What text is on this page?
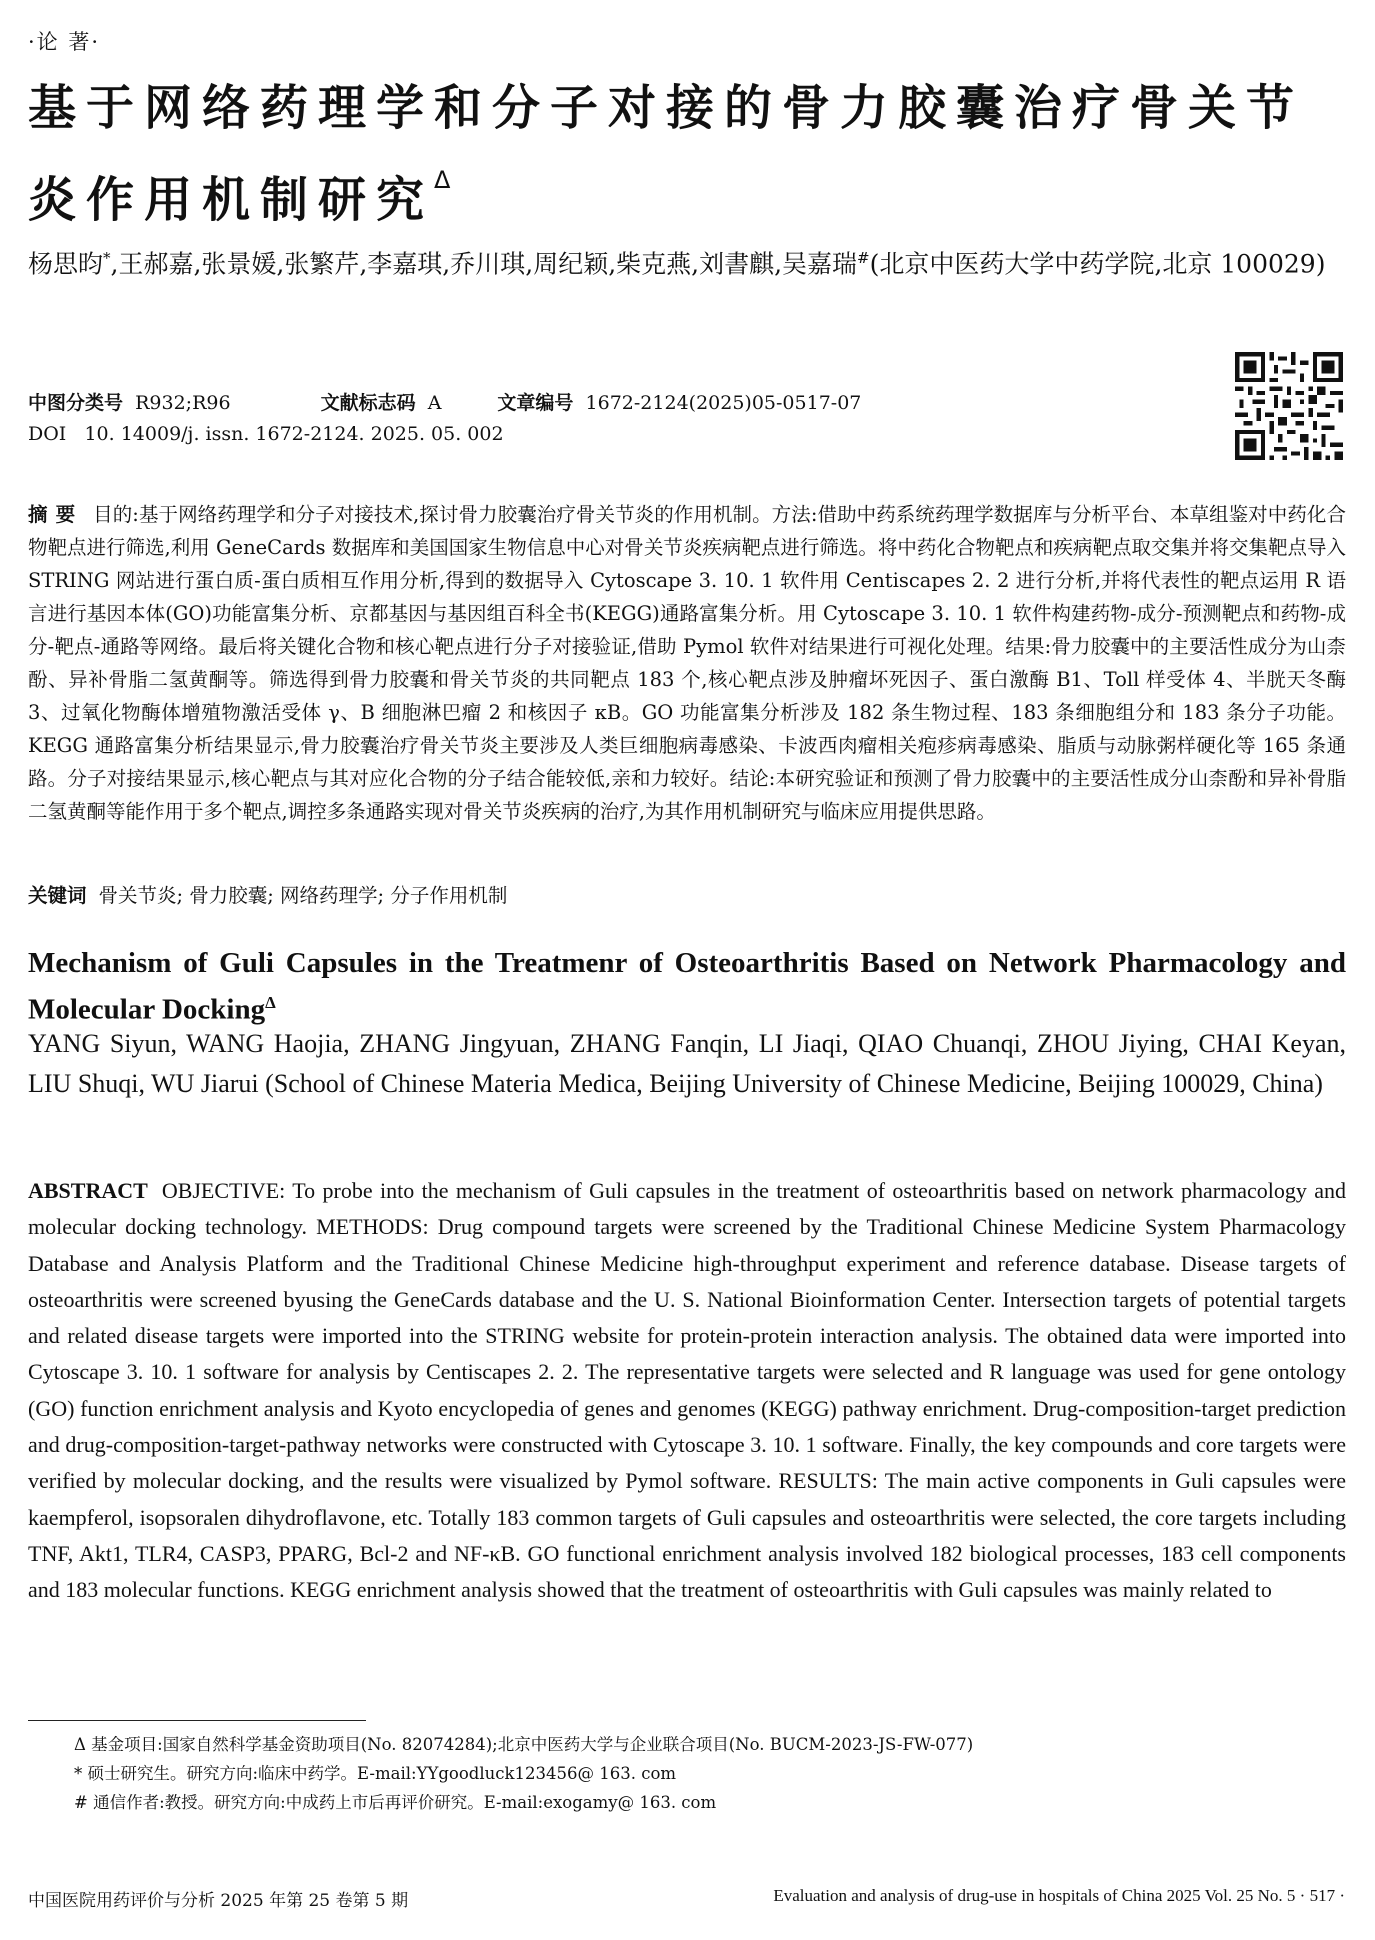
·论 著·
基于网络药理学和分子对接的骨力胶囊治疗骨关节炎作用机制研究$^\Delta$
杨思昀*,王郝嘉,张景媛,张繁芹,李嘉琪,乔川琪,周纪颖,柴克燕,刘書麒,吴嘉瑞#(北京中医药大学中药学院,北京 100029)
中图分类号 R932;R96	文献标志码 A	文章编号 1672-2124(2025)05-0517-07
DOI 10. 14009/j. issn. 1672-2124. 2025. 05. 002
摘要 目的:基于网络药理学和分子对接技术,探讨骨力胶囊治疗骨关节炎的作用机制。方法:借助中药系统药理学数据库与分析平台、本草组鉴对中药化合物靶点进行筛选,利用 GeneCards 数据库和美国国家生物信息中心对骨关节炎疾病靶点进行筛选。将中药化合物靶点和疾病靶点取交集并将交集靶点导入 STRING 网站进行蛋白质-蛋白质相互作用分析,得到的数据导入 Cytoscape 3. 10. 1 软件用 Centiscapes 2. 2 进行分析,并将代表性的靶点运用 R 语言进行基因本体(GO)功能富集分析、京都基因与基因组百科全书(KEGG)通路富集分析。用 Cytoscape 3. 10. 1 软件构建药物-成分-预测靶点和药物-成分-靶点-通路等网络。最后将关键化合物和核心靶点进行分子对接验证,借助 Pymol 软件对结果进行可视化处理。结果:骨力胶囊中的主要活性成分为山柰酚、异补骨脂二氢黄酮等。筛选得到骨力胶囊和骨关节炎的共同靶点 183 个,核心靶点涉及肿瘤坏死因子、蛋白激酶 B1、Toll 样受体 4、半胱天冬酶 3、过氧化物酶体增殖物激活受体 γ、B 细胞淋巴瘤 2 和核因子 κB。GO 功能富集分析涉及 182 条生物过程、183 条细胞组分和 183 条分子功能。KEGG 通路富集分析结果显示,骨力胶囊治疗骨关节炎主要涉及人类巨细胞病毒感染、卡波西肉瘤相关疱疹病毒感染、脂质与动脉粥样硬化等 165 条通路。分子对接结果显示,核心靶点与其对应化合物的分子结合能较低,亲和力较好。结论:本研究验证和预测了骨力胶囊中的主要活性成分山柰酚和异补骨脂二氢黄酮等能作用于多个靶点,调控多条通路实现对骨关节炎疾病的治疗,为其作用机制研究与临床应用提供思路。
关键词 骨关节炎; 骨力胶囊; 网络药理学; 分子作用机制
Mechanism of Guli Capsules in the Treatmenr of Osteoarthritis Based on Network Pharmacology and Molecular Docking$^\Delta$
YANG Siyun, WANG Haojia, ZHANG Jingyuan, ZHANG Fanqin, LI Jiaqi, QIAO Chuanqi, ZHOU Jiying, CHAI Keyan, LIU Shuqi, WU Jiarui (School of Chinese Materia Medica, Beijing University of Chinese Medicine, Beijing 100029, China)
ABSTRACT OBJECTIVE: To probe into the mechanism of Guli capsules in the treatment of osteoarthritis based on network pharmacology and molecular docking technology. METHODS: Drug compound targets were screened by the Traditional Chinese Medicine System Pharmacology Database and Analysis Platform and the Traditional Chinese Medicine high-throughput experiment and reference database. Disease targets of osteoarthritis were screened byusing the GeneCards database and the U. S. National Bioinformation Center. Intersection targets of potential targets and related disease targets were imported into the STRING website for protein-protein interaction analysis. The obtained data were imported into Cytoscape 3. 10. 1 software for analysis by Centiscapes 2. 2. The representative targets were selected and R language was used for gene ontology (GO) function enrichment analysis and Kyoto encyclopedia of genes and genomes (KEGG) pathway enrichment. Drug-composition-target prediction and drug-composition-target-pathway networks were constructed with Cytoscape 3. 10. 1 software. Finally, the key compounds and core targets were verified by molecular docking, and the results were visualized by Pymol software. RESULTS: The main active components in Guli capsules were kaempferol, isopsoralen dihydroflavone, etc. Totally 183 common targets of Guli capsules and osteoarthritis were selected, the core targets including TNF, Akt1, TLR4, CASP3, PPARG, Bcl-2 and NF-κB. GO functional enrichment analysis involved 182 biological processes, 183 cell components and 183 molecular functions. KEGG enrichment analysis showed that the treatment of osteoarthritis with Guli capsules was mainly related to
Δ 基金项目:国家自然科学基金资助项目(No. 82074284);北京中医药大学与企业联合项目(No. BUCM-2023-JS-FW-077)
* 硕士研究生。研究方向:临床中药学。E-mail:YYgoodluck123456@ 163. com
# 通信作者:教授。研究方向:中成药上市后再评价研究。E-mail:exogamy@ 163. com
中国医院用药评价与分析 2025 年第 25 卷第 5 期	Evaluation and analysis of drug-use in hospitals of China 2025 Vol. 25 No. 5 · 517 ·
